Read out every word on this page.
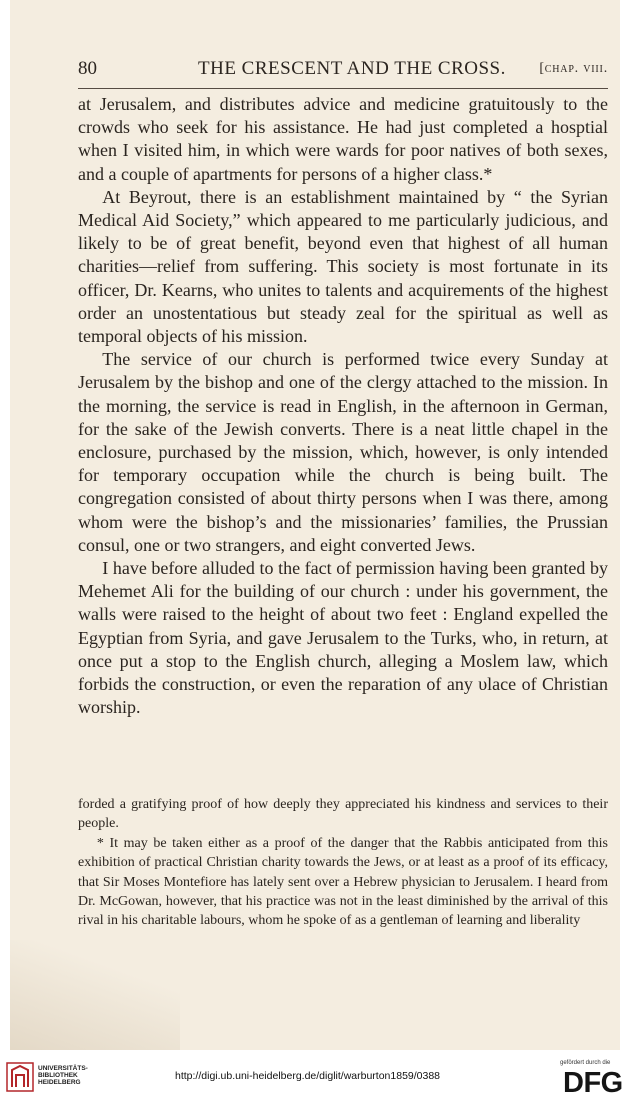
80	THE CRESCENT AND THE CROSS. [chap. viii.

at Jerusalem, and distributes advice and medicine gratuitously to the crowds who seek for his assistance. He had just completed a hosptial when I visited him, in which were wards for poor natives of both sexes, and a couple of apartments for persons of a higher class.*

At Beyrout, there is an establishment maintained by “ the Syrian Medical Aid Society,” which appeared to me particularly judicious, and likely to be of great benefit, beyond even that highest of all human charities—relief from suffering. This society is most fortunate in its officer, Dr. Kearns, who unites to talents and acquirements of the highest order an unostentatious but steady zeal for the spiritual as well as temporal objects of his mission.

The service of our church is performed twice every Sunday at Jerusalem by the bishop and one of the clergy attached to the mission. In the morning, the service is read in English, in the afternoon in German, for the sake of the Jewish converts. There is a neat little chapel in the enclosure, purchased by the mission, which, however, is only intended for temporary occupation while the church is being built. The congregation consisted of about thirty persons when I was there, among whom were the bishop’s and the missionaries’ families, the Prussian consul, one or two strangers, and eight converted Jews.

I have before alluded to the fact of permission having been granted by Mehemet Ali for the building of our church : under his government, the walls were raised to the height of about two feet : England expelled the Egyptian from Syria, and gave Jerusalem to the Turks, who, in return, at once put a stop to the English church, alleging a Moslem law, which forbids the construction, or even the reparation of any υlace of Christian worship.

forded a gratifying proof of how deeply they appreciated his kindness and services to their people.

* It may be taken either as a proof of the danger that the Rabbis anticipated from this exhibition of practical Christian charity towards the Jews, or at least as a proof of its efficacy, that Sir Moses Montefiore has lately sent over a Hebrew physician to Jerusalem. I heard from Dr. McGowan, however, that his practice was not in the least diminished by the arrival of this rival in his charitable labours, whom he spoke of as a gentleman of learning and liberality

UNIVERSITÄTS-
BIBLIOTHEK
HEIDELBERG
http://digi.ub.uni-heidelberg.de/diglit/warburton1859/0388
gefördert durch die
DFG
